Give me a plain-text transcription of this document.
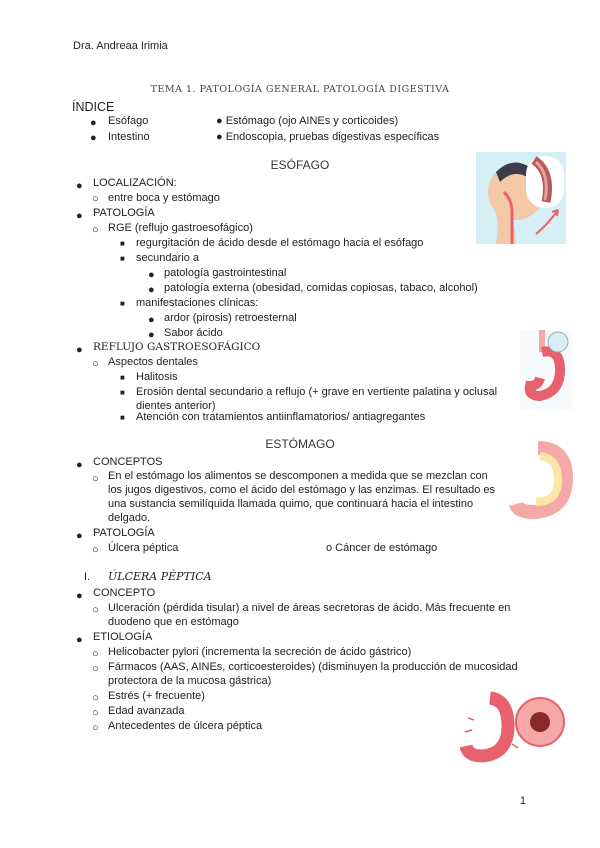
Dra. Andreaa Irimia
TEMA 1. PATOLOGÍA GENERAL PATOLOGÍA DIGESTIVA
ÍNDICE
● Esófago
● Intestino
● Estómago (ojo AINEs y corticoides)
● Endoscopia, pruebas digestivas específicas
ESÓFAGO
● LOCALIZACIÓN:
○ entre boca y estómago
● PATOLOGÍA
○ RGE (reflujo gastroesofágico)
■ regurgitación de ácido desde el estómago hacia el esófago
■ secundario a
● patología gastrointestinal
● patología externa (obesidad, comidas copiosas, tabaco, alcohol)
■ manifestaciones clínicas:
● ardor (pirosis) retroesternal
● Sabor ácido
● REFLUJO GASTROESOFÁGICO
○ Aspectos dentales
■ Halitosis
■ Erosión dental secundario a reflujo (+ grave en vertiente palatina y oclusal
dientes anterior)
■ Atención con tratamientos antiinflamatorios/ antiagregantes
ESTÓMAGO
● CONCEPTOS
○ En el estómago los alimentos se descomponen a medida que se mezclan con
los jugos digestivos, como el ácido del estómago y las enzimas. El resultado es
una sustancia semilíquida llamada quimo, que continuará hacia el intestino
delgado.
● PATOLOGÍA
○ Úlcera péptica	o Cáncer de estómago
I. ÚLCERA PÉPTICA
● CONCEPTO
○ Ulceración (pérdida tisular) a nivel de áreas secretoras de ácido. Más frecuente en
duodeno que en estómago
● ETIOLOGÍA
○ Helicobacter pylori (incrementa la secreción de ácido gástrico)
○ Fármacos (AAS, AINEs, corticoesteroides) (disminuyen la producción de mucosidad
protectora de la mucosa gástrica)
○ Estrés (+ frecuente)
○ Edad avanzada
○ Antecedentes de úlcera péptica
1
